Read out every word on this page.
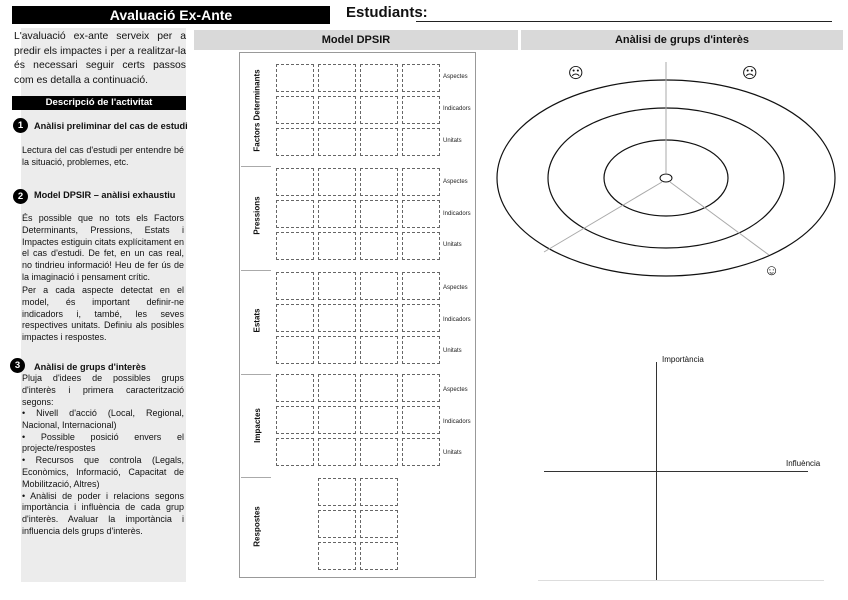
Avaluació Ex-Ante	Estudiants:
L'avaluació ex-ante serveix per a predir els impactes i per a realitzar-la és necessari seguir certs passos com es detalla a continuació.
Descripció de l'activitat
1	Anàlisi preliminar del cas de estudi
Lectura del cas d'estudi per entendre bé la situació, problemes, etc.
2	Model DPSIR – anàlisi exhaustiu
És possible que no tots els Factors Determinants, Pressions, Estats i Impactes estiguin citats explícitament en el cas d'estudi. De fet, en un cas real, no tindrieu informació! Heu de fer ús de la imaginació i pensament crític.
Per a cada aspecte detectat en el model, és important definir-ne indicadors i, també, les seves respectives unitats. Definiu als posibles impactes i respostes.
3	Anàlisi de grups d'interès
Pluja d'idees de possibles grups d'interès i primera caracterització segons:
• Nivell d'acció (Local, Regional, Nacional, Internacional)
• Possible posició envers el projecte/respostes
• Recursos que controla (Legals, Econòmics, Informació, Capacitat de Mobilització, Altres)
• Anàlisi de poder i relacions segons importància i influència de cada grup d'interès. Avaluar la importància i influencia dels grups d'interès.
Model DPSIR	Anàlisi de grups d'interès
Factors Determinants
Pressions
Estats
Impactes
Respostes
Aspectes
Indicadors
Unitats
Aspectes
Indicadors
Unitats
Aspectes
Indicadors
Unitats
Aspectes
Indicadors
Unitats
☹	☹
☺
Importància
Influència
